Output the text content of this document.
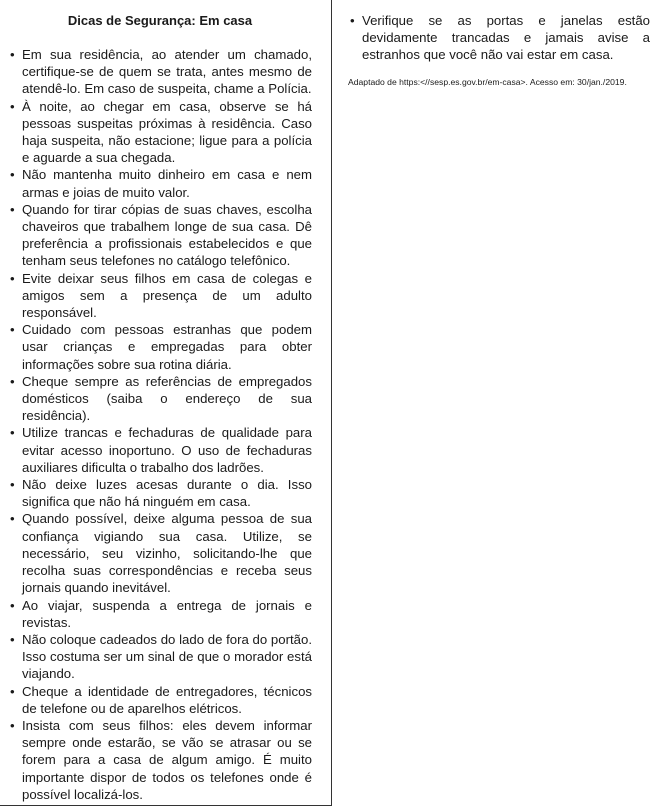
Dicas de Segurança: Em casa
• Em sua residência, ao atender um chamado, certifique-se de quem se trata, antes mesmo de atendê-lo. Em caso de suspeita, chame a Polícia.
• À noite, ao chegar em casa, observe se há pessoas suspeitas próximas à residência. Caso haja suspeita, não estacione; ligue para a polícia e aguarde a sua chegada.
• Não mantenha muito dinheiro em casa e nem armas e joias de muito valor.
• Quando for tirar cópias de suas chaves, escolha chaveiros que trabalhem longe de sua casa. Dê preferência a profissionais estabelecidos e que tenham seus telefones no catálogo telefônico.
• Evite deixar seus filhos em casa de colegas e amigos sem a presença de um adulto responsável.
• Cuidado com pessoas estranhas que podem usar crianças e empregadas para obter informações sobre sua rotina diária.
• Cheque sempre as referências de empregados domésticos (saiba o endereço de sua residência).
• Utilize trancas e fechaduras de qualidade para evitar acesso inoportuno. O uso de fechaduras auxiliares dificulta o trabalho dos ladrões.
• Não deixe luzes acesas durante o dia. Isso significa que não há ninguém em casa.
• Quando possível, deixe alguma pessoa de sua confiança vigiando sua casa. Utilize, se necessário, seu vizinho, solicitando-lhe que recolha suas correspondências e receba seus jornais quando inevitável.
• Ao viajar, suspenda a entrega de jornais e revistas.
• Não coloque cadeados do lado de fora do portão. Isso costuma ser um sinal de que o morador está viajando.
• Cheque a identidade de entregadores, técnicos de telefone ou de aparelhos elétricos.
• Insista com seus filhos: eles devem informar sempre onde estarão, se vão se atrasar ou se forem para a casa de algum amigo. É muito importante dispor de todos os telefones onde é possível localizá-los.
• Verifique se as portas e janelas estão devidamente trancadas e jamais avise a estranhos que você não vai estar em casa.

Adaptado de https:<//sesp.es.gov.br/em-casa>. Acesso em: 30/jan./2019.
